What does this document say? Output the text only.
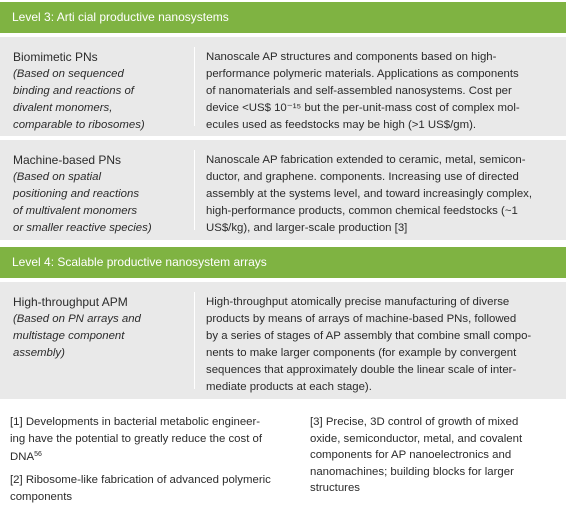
Level 3: Arti cial productive nanosystems
Biomimetic PNs
(Based on sequenced
binding and reactions of
divalent monomers,
comparable to ribosomes)
Nanoscale AP structures and components based on high-
performance polymeric materials. Applications as components
of nanomaterials and self-assembled nanosystems. Cost per
device <US$ 10⁻¹⁵ but the per-unit-mass cost of complex mol-
ecules used as feedstocks may be high (>1 US$/gm).
Machine-based PNs
(Based on spatial
positioning and reactions
of multivalent monomers
or smaller reactive species)
Nanoscale AP fabrication extended to ceramic, metal, semicon-
ductor, and graphene. components. Increasing use of directed
assembly at the systems level, and toward increasingly complex,
high-performance products, common chemical feedstocks (~1
US$/kg), and larger-scale production [3]
Level 4: Scalable productive nanosystem arrays
High-throughput APM
(Based on PN arrays and
multistage component
assembly)
High-throughput atomically precise manufacturing of diverse
products by means of arrays of machine-based PNs, followed
by a series of stages of AP assembly that combine small compo-
nents to make larger components (for example by convergent
sequences that approximately double the linear scale of inter-
mediate products at each stage).
[1] Developments in bacterial metabolic engineer-
ing have the potential to greatly reduce the cost of
DNA$^{56}$
[2] Ribosome-like fabrication of advanced polymeric
components
[3] Precise, 3D control of growth of mixed
oxide, semiconductor, metal, and covalent
components for AP nanoelectronics and
nanomachines; building blocks for larger
structures
